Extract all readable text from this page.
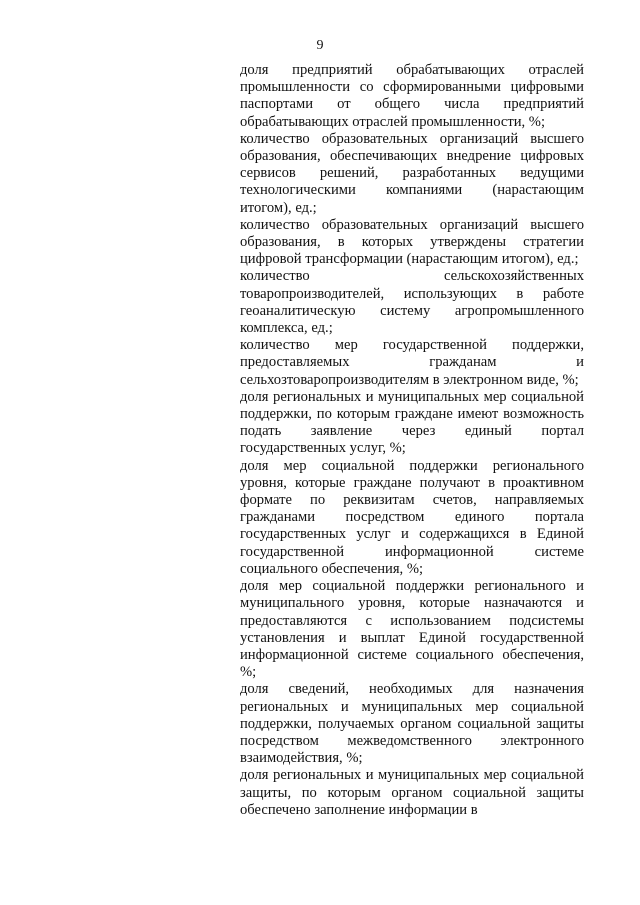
9

доля предприятий обрабатывающих отраслей промышленности со сформированными цифровыми паспортами от общего числа предприятий обрабатывающих отраслей промышленности, %;

количество образовательных организаций высшего образования, обеспечивающих внедрение цифровых сервисов решений, разработанных ведущими технологическими компаниями (нарастающим итогом), ед.;

количество образовательных организаций высшего образования, в которых утверждены стратегии цифровой трансформации (нарастающим итогом), ед.;

количество сельскохозяйственных товаропроизводителей, использующих в работе геоаналитическую систему агропромышленного комплекса, ед.;

количество мер государственной поддержки, предоставляемых гражданам и сельхозтоваропроизводителям в электронном виде, %;

доля региональных и муниципальных мер социальной поддержки, по которым граждане имеют возможность подать заявление через единый портал государственных услуг, %;

доля мер социальной поддержки регионального уровня, которые граждане получают в проактивном формате по реквизитам счетов, направляемых гражданами посредством единого портала государственных услуг и содержащихся в Единой государственной информационной системе социального обеспечения, %;

доля мер социальной поддержки регионального и муниципального уровня, которые назначаются и предоставляются с использованием подсистемы установления и выплат Единой государственной информационной системе социального обеспечения, %;

доля сведений, необходимых для назначения региональных и муниципальных мер социальной поддержки, получаемых органом социальной защиты посредством межведомственного электронного взаимодействия, %;

доля региональных и муниципальных мер социальной защиты, по которым органом социальной защиты обеспечено заполнение информации в
